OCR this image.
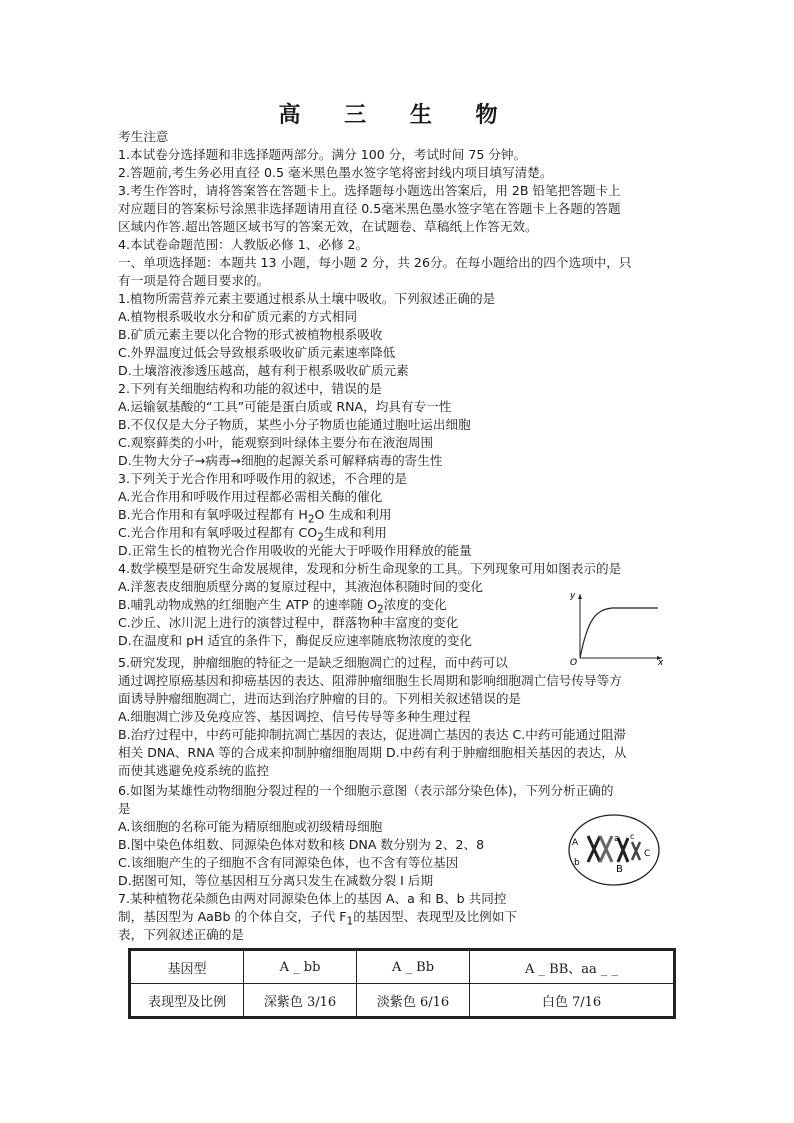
高 三 生 物
考生注意
1.本试卷分选择题和非选择题两部分。满分 100 分，考试时间 75 分钟。
2.答题前,考生务必用直径 0.5 毫米黑色墨水签字笔将密封线内项目填写清楚。
3.考生作答时，请将答案答在答题卡上。选择题每小题选出答案后，用 2B 铅笔把答题卡上
对应题目的答案标号涂黑非选择题请用直径 0.5毫米黑色墨水签字笔在答题卡上各题的答题
区域内作答.超出答题区域书写的答案无效，在试题卷、草稿纸上作答无效。
4.本试卷命题范围：人教版必修 1、必修 2。
一、单项选择题：本题共 13 小题，每小题 2 分，共 26分。在每小题给出的四个选项中，只
有一项是符合题目要求的。
1.植物所需营养元素主要通过根系从土壤中吸收。下列叙述正确的是
A.植物根系吸收水分和矿质元素的方式相同
B.矿质元素主要以化合物的形式被植物根系吸收
C.外界温度过低会导致根系吸收矿质元素速率降低
D.土壤溶液渗透压越高，越有利于根系吸收矿质元素
2.下列有关细胞结构和功能的叙述中，错误的是
A.运输氨基酸的“工具”可能是蛋白质或 RNA，均具有专一性
B.不仅仅是大分子物质，某些小分子物质也能通过胞吐运出细胞
C.观察藓类的小叶，能观察到叶绿体主要分布在液泡周围
D.生物大分子→病毒→细胞的起源关系可解释病毒的寄生性
3.下列关于光合作用和呼吸作用的叙述，不合理的是
A.光合作用和呼吸作用过程都必需相关酶的催化
B.光合作用和有氧呼吸过程都有 $H_2O$ 生成和利用
C.光合作用和有氧呼吸过程都有 $CO_2$生成和利用
D.正常生长的植物光合作用吸收的光能大于呼吸作用释放的能量
4.数学模型是研究生命发展规律，发现和分析生命现象的工具。下列现象可用如图表示的是
A.洋葱表皮细胞质壁分离的复原过程中，其液泡体积随时间的变化
B.哺乳动物成熟的红细胞产生 ATP 的速率随 $O_2$浓度的变化
C.沙丘、冰川泥上进行的演替过程中，群落物种丰富度的变化
D.在温度和 pH 适宜的条件下，酶促反应速率随底物浓度的变化
y
x
O
5.研究发现，肿瘤细胞的特征之一是缺乏细胞凋亡的过程，而中药可以
通过调控原癌基因和抑癌基因的表达、阻滞肿瘤细胞生长周期和影响细胞凋亡信号传导等方
面诱导肿瘤细胞凋亡，进而达到治疗肿瘤的目的。下列相关叙述错误的是
A.细胞凋亡涉及免疫应答、基因调控、信号传导等多种生理过程
B.治疗过程中，中药可能抑制抗凋亡基因的表达，促进凋亡基因的表达 C.中药可能通过阻滞
相关 DNA、RNA 等的合成来抑制肿瘤细胞周期 D.中药有利于肿瘤细胞相关基因的表达，从
而使其逃避免疫系统的监控
6.如图为某雄性动物细胞分裂过程的一个细胞示意图（表示部分染色体)，下列分析正确的
是
A.该细胞的名称可能为精原细胞或初级精母细胞
B.图中染色体组数、同源染色体对数和核 DNA 数分别为 2、2、8
C.该细胞产生的子细胞不含有同源染色体，也不含有等位基因
D.据图可知，等位基因相互分离只发生在减数分裂 I 后期
A	a
b
B
c
C
7.某种植物花朵颜色由两对同源染色体上的基因 A、a 和 B、b 共同控
制，基因型为 AaBb 的个体自交，子代 $F_1$的基因型、表现型及比例如下
表，下列叙述正确的是
基因型	A _ bb	A _ Bb	A _ BB、aa _ _
表现型及比例	深紫色 3/16	淡紫色 6/16	白色 7/16
